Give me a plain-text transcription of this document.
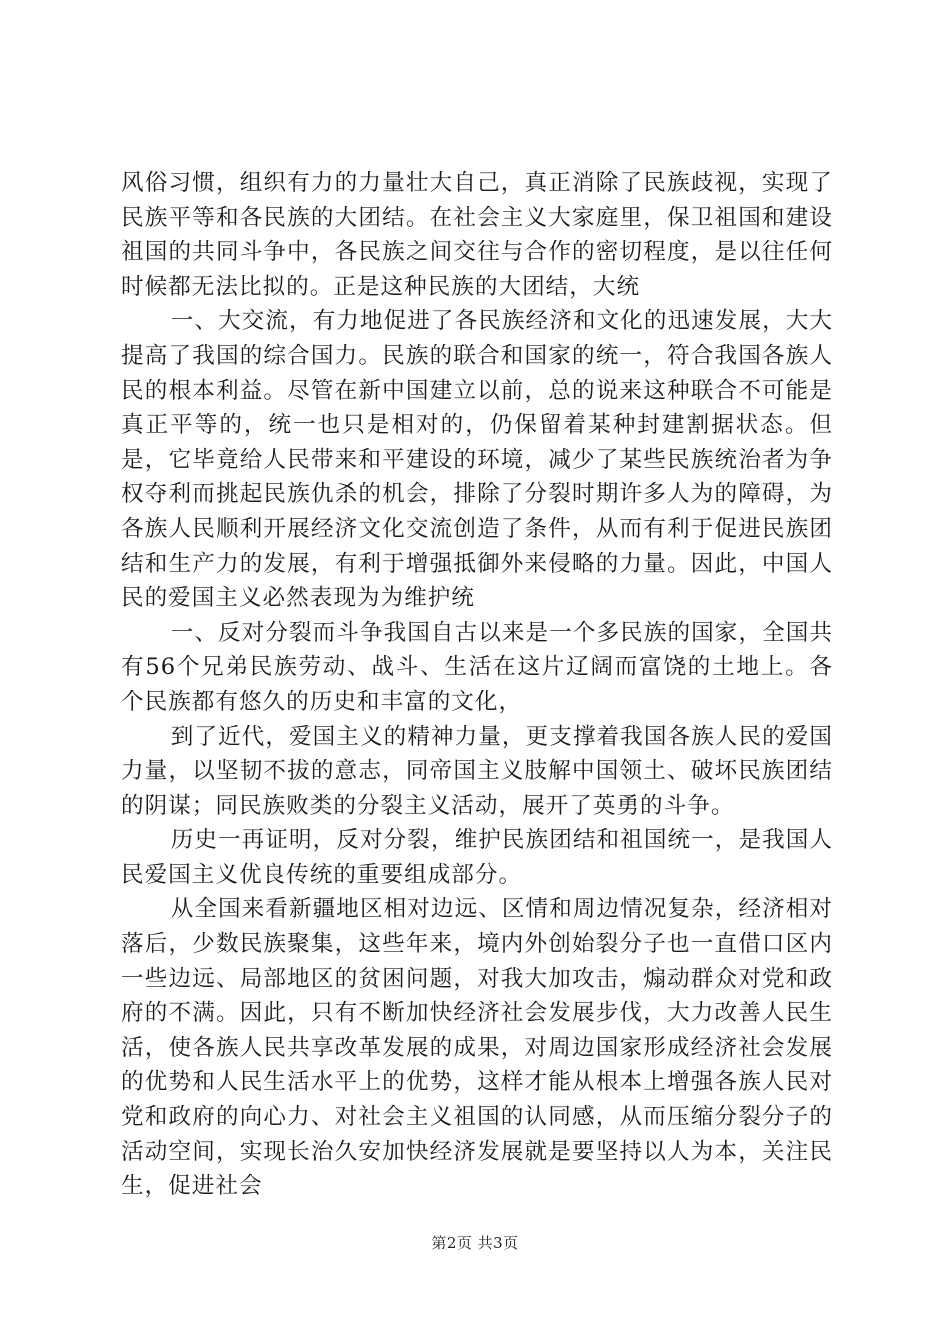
风俗习惯，组织有力的力量壮大自己，真正消除了民族歧视，实现了民族平等和各民族的大团结。在社会主义大家庭里，保卫祖国和建设祖国的共同斗争中，各民族之间交往与合作的密切程度，是以往任何时候都无法比拟的。正是这种民族的大团结，大统

一、大交流，有力地促进了各民族经济和文化的迅速发展，大大提高了我国的综合国力。民族的联合和国家的统一，符合我国各族人民的根本利益。尽管在新中国建立以前，总的说来这种联合不可能是真正平等的，统一也只是相对的，仍保留着某种封建割据状态。但是，它毕竟给人民带来和平建设的环境，减少了某些民族统治者为争权夺利而挑起民族仇杀的机会，排除了分裂时期许多人为的障碍，为各族人民顺利开展经济文化交流创造了条件，从而有利于促进民族团结和生产力的发展，有利于增强抵御外来侵略的力量。因此，中国人民的爱国主义必然表现为为维护统

一、反对分裂而斗争我国自古以来是一个多民族的国家，全国共有56个兄弟民族劳动、战斗、生活在这片辽阔而富饶的土地上。各个民族都有悠久的历史和丰富的文化，

到了近代，爱国主义的精神力量，更支撑着我国各族人民的爱国力量，以坚韧不拔的意志，同帝国主义肢解中国领土、破坏民族团结的阴谋；同民族败类的分裂主义活动，展开了英勇的斗争。

历史一再证明，反对分裂，维护民族团结和祖国统一，是我国人民爱国主义优良传统的重要组成部分。

从全国来看新疆地区相对边远、区情和周边情况复杂，经济相对落后，少数民族聚集，这些年来，境内外创始裂分子也一直借口区内一些边远、局部地区的贫困问题，对我大加攻击，煽动群众对党和政府的不满。因此，只有不断加快经济社会发展步伐，大力改善人民生活，使各族人民共享改革发展的成果，对周边国家形成经济社会发展的优势和人民生活水平上的优势，这样才能从根本上增强各族人民对党和政府的向心力、对社会主义祖国的认同感，从而压缩分裂分子的活动空间，实现长治久安加快经济发展就是要坚持以人为本，关注民生，促进社会

第2页 共3页
